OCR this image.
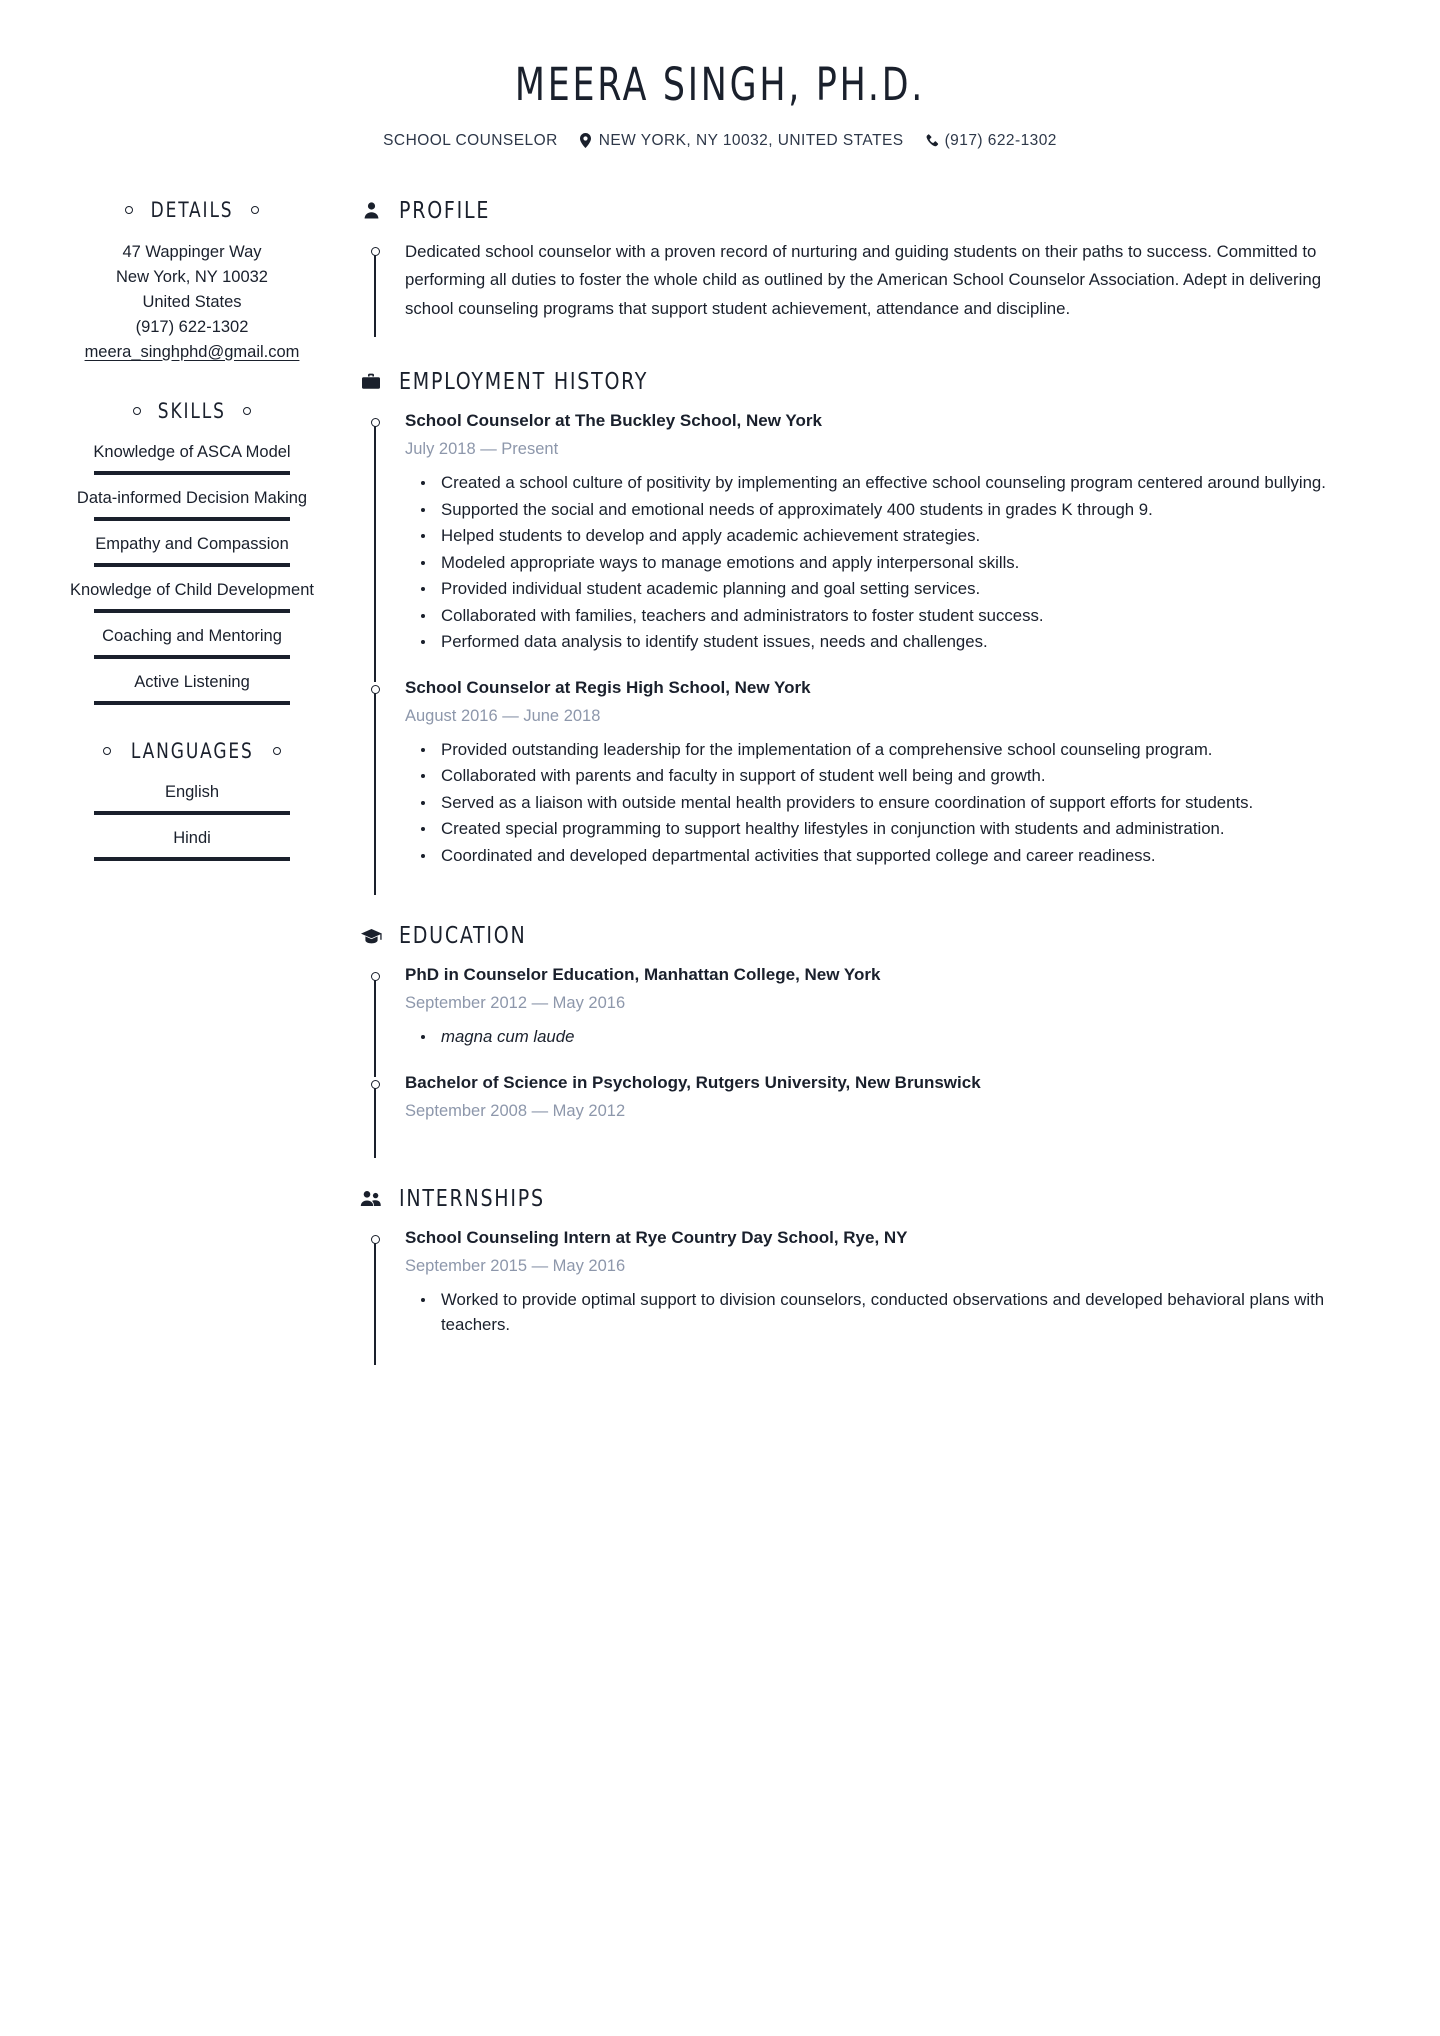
MEERA SINGH, PH.D.
SCHOOL COUNSELOR	NEW YORK, NY 10032, UNITED STATES	(917) 622-1302
DETAILS
47 Wappinger Way
New York, NY 10032
United States
(917) 622-1302
meera_singhphd@gmail.com
SKILLS
Knowledge of ASCA Model
Data-informed Decision Making
Empathy and Compassion
Knowledge of Child Development
Coaching and Mentoring
Active Listening
LANGUAGES
English
Hindi
PROFILE
Dedicated school counselor with a proven record of nurturing and guiding students on their paths to success. Committed to performing all duties to foster the whole child as outlined by the American School Counselor Association. Adept in delivering school counseling programs that support student achievement, attendance and discipline.
EMPLOYMENT HISTORY
School Counselor at The Buckley School, New York
July 2018 — Present
Created a school culture of positivity by implementing an effective school counseling program centered around bullying.
Supported the social and emotional needs of approximately 400 students in grades K through 9.
Helped students to develop and apply academic achievement strategies.
Modeled appropriate ways to manage emotions and apply interpersonal skills.
Provided individual student academic planning and goal setting services.
Collaborated with families, teachers and administrators to foster student success.
Performed data analysis to identify student issues, needs and challenges.
School Counselor at Regis High School, New York
August 2016 — June 2018
Provided outstanding leadership for the implementation of a comprehensive school counseling program.
Collaborated with parents and faculty in support of student well being and growth.
Served as a liaison with outside mental health providers to ensure coordination of support efforts for students.
Created special programming to support healthy lifestyles in conjunction with students and administration.
Coordinated and developed departmental activities that supported college and career readiness.
EDUCATION
PhD in Counselor Education, Manhattan College, New York
September 2012 — May 2016
magna cum laude
Bachelor of Science in Psychology, Rutgers University, New Brunswick
September 2008 — May 2012
INTERNSHIPS
School Counseling Intern at Rye Country Day School, Rye, NY
September 2015 — May 2016
Worked to provide optimal support to division counselors, conducted observations and developed behavioral plans with teachers.
